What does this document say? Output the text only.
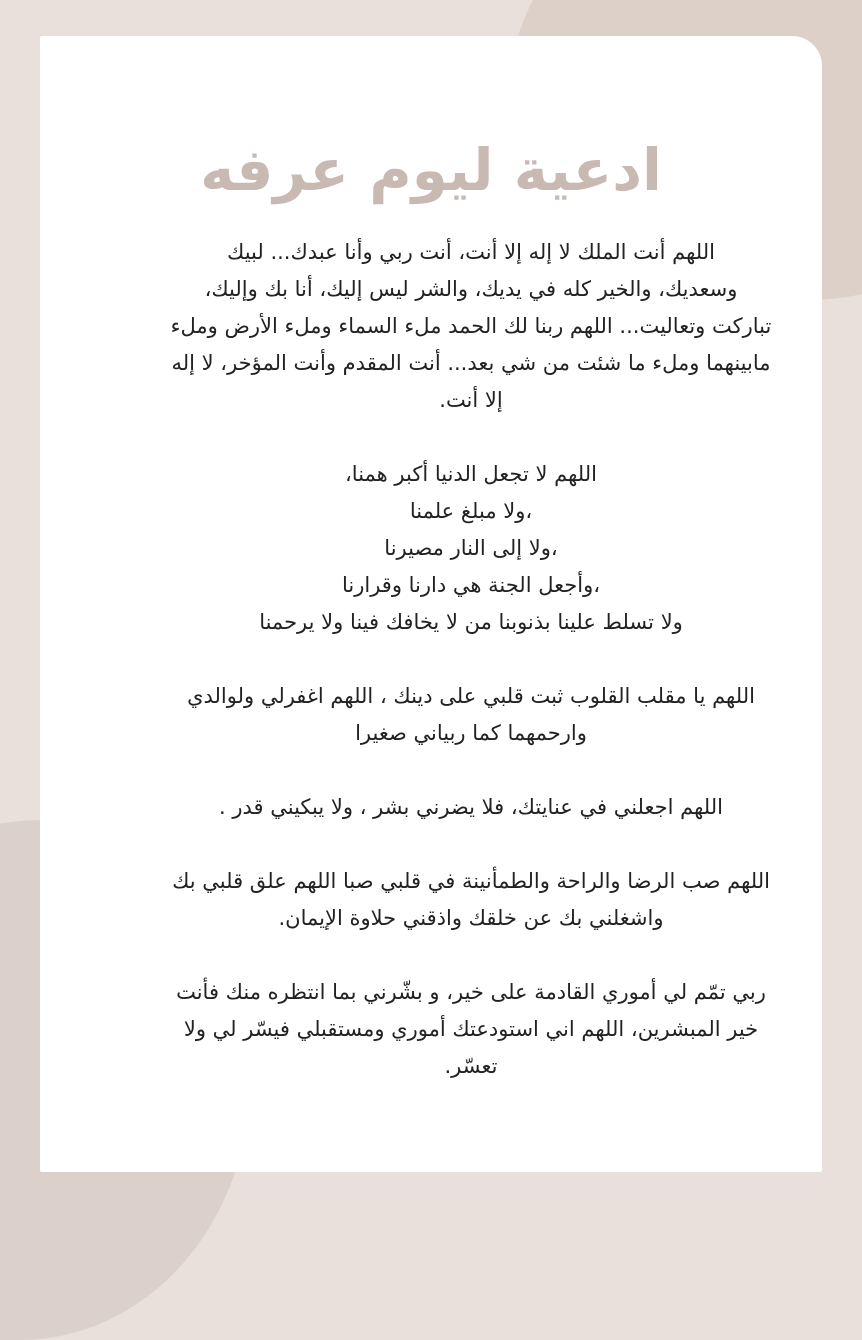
ادعية ليوم عرفه

اللهم أنت الملك لا إله إلا أنت، أنت ربي وأنا عبدك... لبيك
وسعديك، والخير كله في يديك، والشر ليس إليك، أنا بك وإليك،
تباركت وتعاليت... اللهم ربنا لك الحمد ملء السماء وملء الأرض وملء
مابينهما وملء ما شئت من شي بعد... أنت المقدم وأنت المؤخر، لا إله
إلا أنت.

اللهم لا تجعل الدنيا أكبر همنا،
،ولا مبلغ علمنا
،ولا إلى النار مصيرنا
،وأجعل الجنة هي دارنا وقرارنا
ولا تسلط علينا بذنوبنا من لا يخافك فينا ولا يرحمنا

اللهم يا مقلب القلوب ثبت قلبي على دينك ، اللهم اغفرلي ولوالدي
وارحمهما كما ربياني صغيرا

اللهم اجعلني في عنايتك، فلا يضرني بشر ، ولا يبكيني قدر .

اللهم صب الرضا والراحة والطمأنينة في قلبي صبا اللهم علق قلبي بك
واشغلني بك عن خلقك واذقني حلاوة الإيمان.

ربي تمّم لي أموري القادمة على خير، و بشّرني بما انتظره منك فأنت
خير المبشرين، اللهم اني استودعتك أموري ومستقبلي فيسّر لي ولا
تعسّر.
